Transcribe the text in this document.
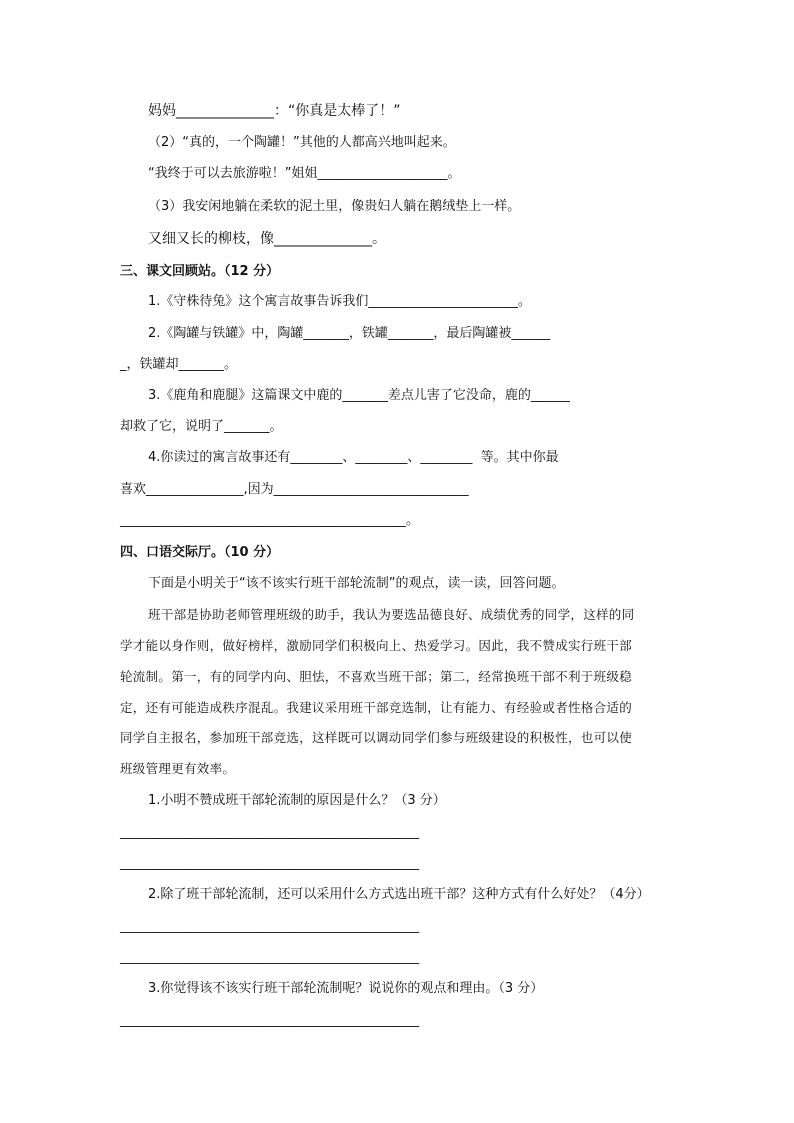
妈妈______________：“你真是太棒了！”
（2）“真的，一个陶罐！”其他的人都高兴地叫起来。
“我终于可以去旅游啦！”姐姐____________________。
（3）我安闲地躺在柔软的泥土里，像贵妇人躺在鹅绒垫上一样。
又细又长的柳枝，像______________。
三、课文回顾站。（12 分）
1.《守株待兔》这个寓言故事告诉我们_______________________。
2.《陶罐与铁罐》中，陶罐_______，铁罐_______，最后陶罐被______
_，铁罐却_______。
3.《鹿角和鹿腿》这篇课文中鹿的_______差点儿害了它没命，鹿的______
却救了它，说明了_______。
4.你读过的寓言故事还有________、________、________  等。其中你最
喜欢_______________,因为______________________________
____________________________________________。
四、口语交际厅。（10 分）
下面是小明关于“该不该实行班干部轮流制”的观点，读一读，回答问题。
班干部是协助老师管理班级的助手，我认为要选品德良好、成绩优秀的同学，这样的同
学才能以身作则，做好榜样，激励同学们积极向上、热爱学习。因此，我不赞成实行班干部
轮流制。第一，有的同学内向、胆怯，不喜欢当班干部；第二，经常换班干部不利于班级稳
定，还有可能造成秩序混乱。我建议采用班干部竞选制，让有能力、有经验或者性格合适的
同学自主报名，参加班干部竞选，这样既可以调动同学们参与班级建设的积极性，也可以使
班级管理更有效率。
1.小明不赞成班干部轮流制的原因是什么？（3 分）
______________________________________________
______________________________________________
2.除了班干部轮流制，还可以采用什么方式选出班干部？这种方式有什么好处？（4分）
______________________________________________
______________________________________________
3.你觉得该不该实行班干部轮流制呢？说说你的观点和理由。（3 分）
______________________________________________
